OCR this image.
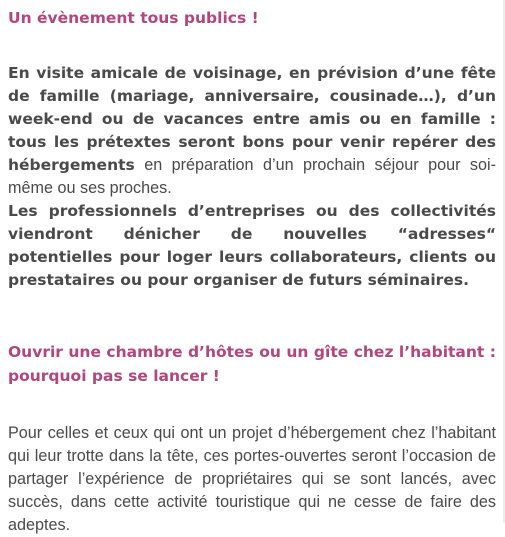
Un évènement tous publics !

En visite amicale de voisinage, en prévision d’une fête de famille (mariage, anniversaire, cousinade…), d’un week-end ou de vacances entre amis ou en famille : tous les prétextes seront bons pour venir repérer des hébergements en préparation d’un prochain séjour pour soi-même ou ses proches.

Les professionnels d’entreprises ou des collectivités viendront dénicher de nouvelles “adresses“ potentielles pour loger leurs collaborateurs, clients ou prestataires ou pour organiser de futurs séminaires.

Ouvrir une chambre d’hôtes ou un gîte chez l’habitant : pourquoi pas se lancer !

Pour celles et ceux qui ont un projet d’hébergement chez l’habitant qui leur trotte dans la tête, ces portes-ouvertes seront l’occasion de partager l’expérience de propriétaires qui se sont lancés, avec succès, dans cette activité touristique qui ne cesse de faire des adeptes.
